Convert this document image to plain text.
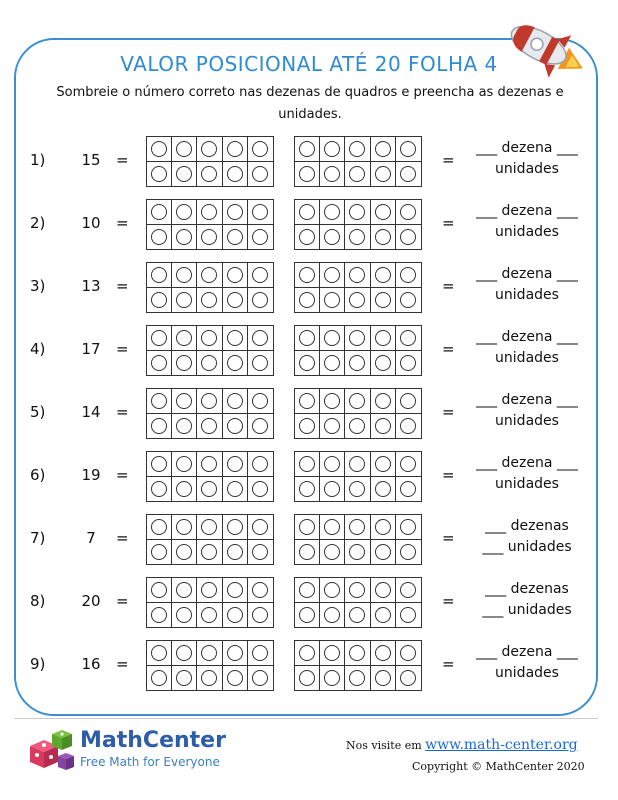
VALOR POSICIONAL ATÉ 20 FOLHA 4
Sombreie o número correto nas dezenas de quadros e preencha as dezenas e unidades.
1)	15	=	=
___ dezena ___
unidades
2)	10	=	=
___ dezena ___
unidades
3)	13	=	=
___ dezena ___
unidades
4)	17	=	=
___ dezena ___
unidades
5)	14	=	=
___ dezena ___
unidades
6)	19	=	=
___ dezena ___
unidades
7)	7	=	=
___ dezenas
___ unidades
8)	20	=	=
___ dezenas
___ unidades
9)	16	=	=
___ dezena ___
unidades
MathCenter
Free Math for Everyone
Nos visite em www.math-center.org
Copyright © MathCenter 2020
